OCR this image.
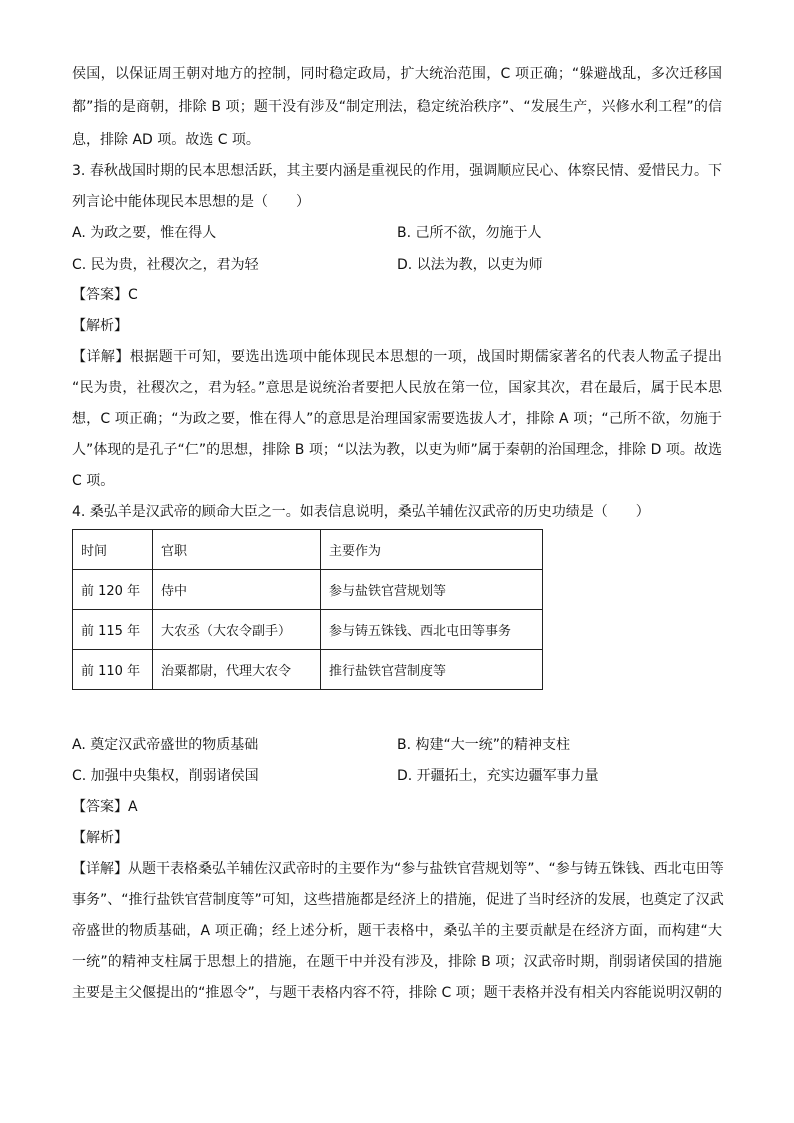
侯国，以保证周王朝对地方的控制，同时稳定政局，扩大统治范围，C 项正确；“躲避战乱，多次迁移国
都”指的是商朝，排除 B 项；题干没有涉及“制定刑法，稳定统治秩序”、“发展生产，兴修水利工程”的信
息，排除 AD 项。故选 C 项。
3. 春秋战国时期的民本思想活跃，其主要内涵是重视民的作用，强调顺应民心、体察民情、爱惜民力。下
列言论中能体现民本思想的是（　　）
A. 为政之要，惟在得人	B. 己所不欲，勿施于人
C. 民为贵，社稷次之，君为轻	D. 以法为教，以吏为师
【答案】C
【解析】
【详解】根据题干可知，要选出选项中能体现民本思想的一项，战国时期儒家著名的代表人物孟子提出
“民为贵，社稷次之，君为轻。”意思是说统治者要把人民放在第一位，国家其次，君在最后，属于民本思
想，C 项正确；“为政之要，惟在得人”的意思是治理国家需要选拔人才，排除 A 项；“己所不欲，勿施于
人”体现的是孔子“仁”的思想，排除 B 项；“以法为教，以吏为师”属于秦朝的治国理念，排除 D 项。故选
C 项。
4. 桑弘羊是汉武帝的顾命大臣之一。如表信息说明，桑弘羊辅佐汉武帝的历史功绩是（　　）
时间	官职	主要作为
前 120 年	侍中	参与盐铁官营规划等
前 115 年	大农丞（大农令副手）	参与铸五铢钱、西北屯田等事务
前 110 年	治粟都尉，代理大农令	推行盐铁官营制度等
A. 奠定汉武帝盛世的物质基础	B. 构建“大一统”的精神支柱
C. 加强中央集权，削弱诸侯国	D. 开疆拓土，充实边疆军事力量
【答案】A
【解析】
【详解】从题干表格桑弘羊辅佐汉武帝时的主要作为“参与盐铁官营规划等”、“参与铸五铢钱、西北屯田等
事务”、“推行盐铁官营制度等”可知，这些措施都是经济上的措施，促进了当时经济的发展，也奠定了汉武
帝盛世的物质基础，A 项正确；经上述分析，题干表格中，桑弘羊的主要贡献是在经济方面，而构建“大
一统”的精神支柱属于思想上的措施，在题干中并没有涉及，排除 B 项；汉武帝时期，削弱诸侯国的措施
主要是主父偃提出的“推恩令”，与题干表格内容不符，排除 C 项；题干表格并没有相关内容能说明汉朝的
